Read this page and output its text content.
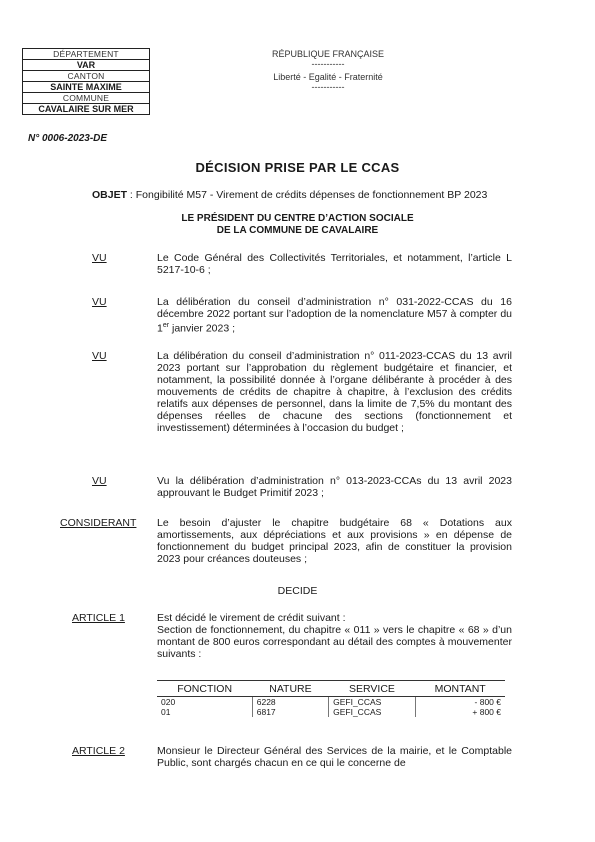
DÉPARTEMENT
VAR
CANTON
SAINTE MAXIME
COMMUNE
CAVALAIRE SUR MER
RÉPUBLIQUE FRANÇAISE
-----------
Liberté - Egalité - Fraternité
-----------
N° 0006-2023-DE
DÉCISION PRISE PAR LE CCAS
OBJET : Fongibilité M57 - Virement de crédits dépenses de fonctionnement BP 2023
LE PRÉSIDENT DU CENTRE D’ACTION SOCIALE
DE LA COMMUNE DE CAVALAIRE
VU	Le Code Général des Collectivités Territoriales, et notamment, l’article L 5217-10-6 ;
VU	La délibération du conseil d’administration n° 031-2022-CCAS du 16 décembre 2022 portant sur l’adoption de la nomenclature M57 à compter du 1er janvier 2023 ;
VU	La délibération du conseil d’administration n° 011-2023-CCAS du 13 avril 2023 portant sur l’approbation du règlement budgétaire et financier, et notamment, la possibilité donnée à l’organe délibérante à procéder à des mouvements de crédits de chapitre à chapitre, à l’exclusion des crédits relatifs aux dépenses de personnel, dans la limite de 7,5% du montant des dépenses réelles de chacune des sections (fonctionnement et investissement) déterminées à l’occasion du budget ;
VU	Vu la délibération d’administration n° 013-2023-CCAs du 13 avril 2023 approuvant le Budget Primitif 2023 ;
CONSIDERANT Le besoin d’ajuster le chapitre budgétaire 68 « Dotations aux amortissements, aux dépréciations et aux provisions » en dépense de fonctionnement du budget principal 2023, afin de constituer la provision 2023 pour créances douteuses ;
DECIDE
ARTICLE 1	Est décidé le virement de crédit suivant :
Section de fonctionnement, du chapitre « 011 » vers le chapitre « 68 » d’un montant de 800 euros correspondant au détail des comptes à mouvementer suivants :
FONCTION	NATURE	SERVICE	MONTANT
020	6228	GEFI_CCAS	- 800 €
01	6817	GEFI_CCAS	+ 800 €
ARTICLE 2	Monsieur le Directeur Général des Services de la mairie, et le Comptable Public, sont chargés chacun en ce qui le concerne de
